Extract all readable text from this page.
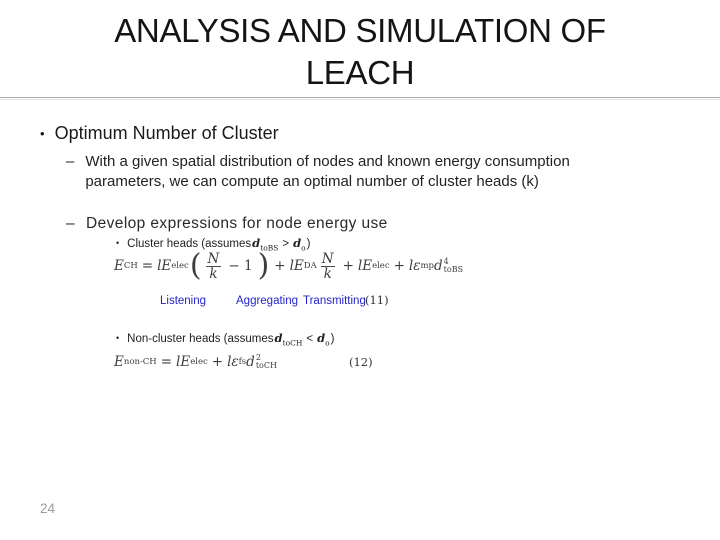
ANALYSIS AND SIMULATION OF
LEACH
• Optimum Number of Cluster
– With a given spatial distribution of nodes and known energy consumption parameters, we can compute an optimal number of cluster heads (k)
– Develop expressions for node energy use
• Cluster heads (assumesd$_{toBS}$ > $d_o$)
E CH = lE elec ( $\frac{N}{k} - 1$ ) + lE DA $\frac{N}{k}$ + lE elec + lε mp d 4
toBS
Listening	Aggregating Transmitting (11)
• Non-cluster heads (assumesd$_{toCH}$ < $d_o$)
E non-CH = lE elec + lε fs d 2
toCH	(12)
24
